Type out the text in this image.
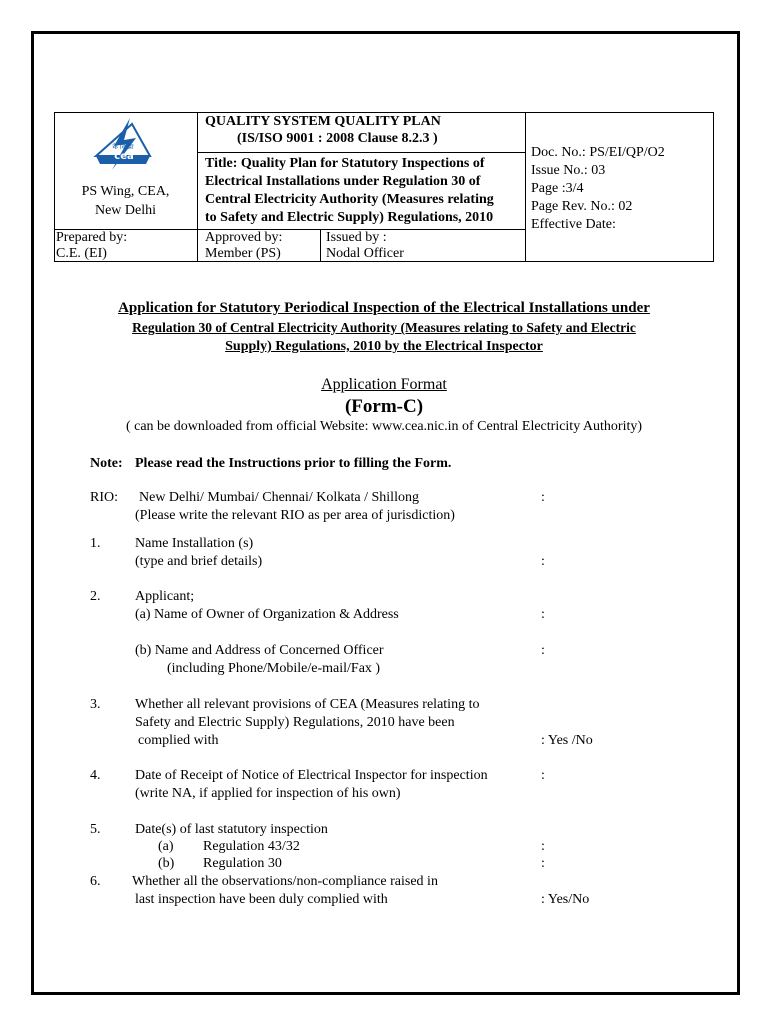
के वि प्रा
cea
PS Wing, CEA,
New Delhi
QUALITY SYSTEM QUALITY PLAN
(IS/ISO 9001 : 2008 Clause 8.2.3 )
Title: Quality Plan for Statutory Inspections of
Electrical Installations under Regulation 30 of
Central Electricity Authority (Measures relating
to Safety and Electric Supply) Regulations, 2010
Doc. No.: PS/EI/QP/O2
Issue No.: 03
Page :3/4
Page Rev. No.: 02
Effective Date:
Prepared by:
C.E. (EI)
Approved by:
Member (PS)
Issued by :
Nodal Officer
Application for Statutory Periodical Inspection of the Electrical Installations under
Regulation 30 of Central Electricity Authority (Measures relating to Safety and Electric
Supply) Regulations, 2010 by the Electrical Inspector
Application Format
(Form-C)
( can be downloaded from official Website: www.cea.nic.in of Central Electricity Authority)
Note: Please read the Instructions prior to filling the Form.
RIO: New Delhi/ Mumbai/ Chennai/ Kolkata / Shillong
(Please write the relevant RIO as per area of jurisdiction)
:
1. Name Installation (s)
(type and brief details)	:
2. Applicant;
(a) Name of Owner of Organization & Address	:
(b) Name and Address of Concerned Officer
(including Phone/Mobile/e-mail/Fax )
:
3. Whether all relevant provisions of CEA (Measures relating to
Safety and Electric Supply) Regulations, 2010 have been
complied with	: Yes /No
4. Date of Receipt of Notice of Electrical Inspector for inspection
(write NA, if applied for inspection of his own)
:
5. Date(s) of last statutory inspection
(a) Regulation 43/32	:
(b) Regulation 30	:
6. Whether all the observations/non-compliance raised in
last inspection have been duly complied with	: Yes/No
